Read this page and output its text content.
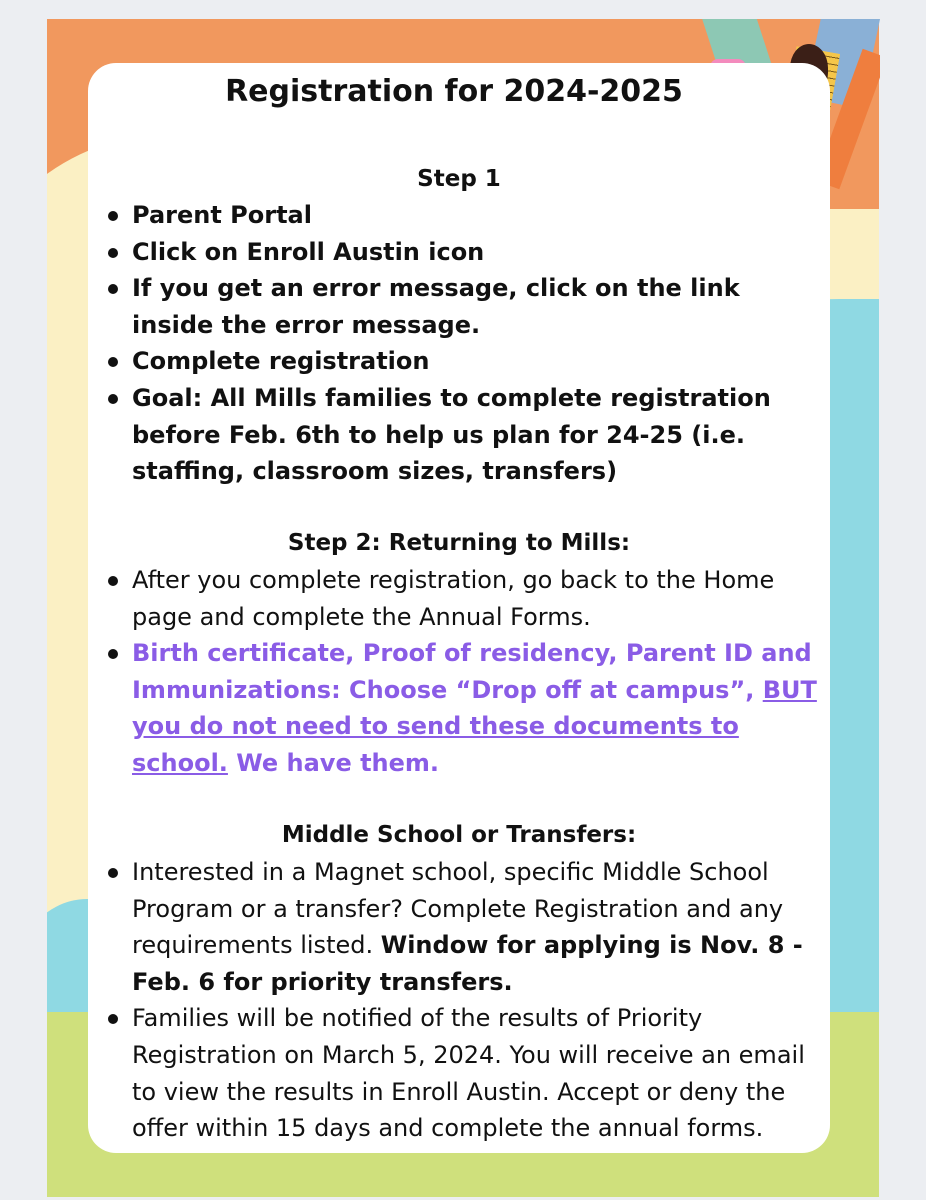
Registration for 2024-2025
Step 1
Parent Portal
Click on Enroll Austin icon
If you get an error message, click on the link inside the error message.
Complete registration
Goal: All Mills families to complete registration before Feb. 6th to help us plan for 24-25 (i.e. staffing, classroom sizes, transfers)
Step 2: Returning to Mills:
After you complete registration, go back to the Home page and complete the Annual Forms.
Birth certificate, Proof of residency, Parent ID and Immunizations: Choose “Drop off at campus”, BUT you do not need to send these documents to school. We have them.
Middle School or Transfers:
Interested in a Magnet school, specific Middle School Program or a transfer? Complete Registration and any requirements listed. Window for applying is Nov. 8 - Feb. 6 for priority transfers.
Families will be notified of the results of Priority Registration on March 5, 2024. You will receive an email to view the results in Enroll Austin. Accept or deny the offer within 15 days and complete the annual forms.
